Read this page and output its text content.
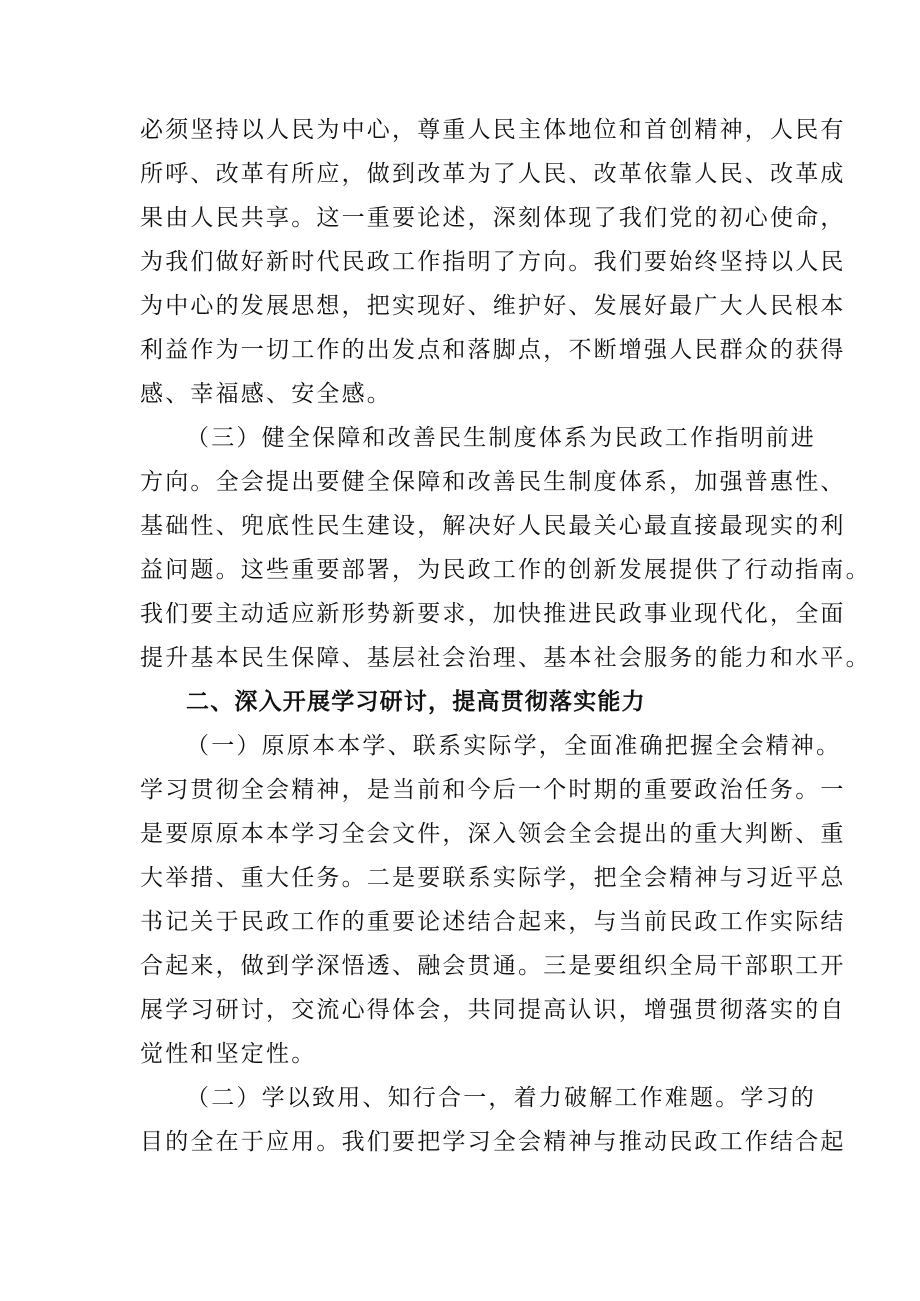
必须坚持以人民为中心，尊重人民主体地位和首创精神，人民有
所呼、改革有所应，做到改革为了人民、改革依靠人民、改革成
果由人民共享。这一重要论述，深刻体现了我们党的初心使命，
为我们做好新时代民政工作指明了方向。我们要始终坚持以人民
为中心的发展思想，把实现好、维护好、发展好最广大人民根本
利益作为一切工作的出发点和落脚点，不断增强人民群众的获得
感、幸福感、安全感。
（三）健全保障和改善民生制度体系为民政工作指明前进
方向。全会提出要健全保障和改善民生制度体系，加强普惠性、
基础性、兜底性民生建设，解决好人民最关心最直接最现实的利
益问题。这些重要部署，为民政工作的创新发展提供了行动指南。
我们要主动适应新形势新要求，加快推进民政事业现代化，全面
提升基本民生保障、基层社会治理、基本社会服务的能力和水平。
二、深入开展学习研讨，提高贯彻落实能力
（一）原原本本学、联系实际学，全面准确把握全会精神。
学习贯彻全会精神，是当前和今后一个时期的重要政治任务。一
是要原原本本学习全会文件，深入领会全会提出的重大判断、重
大举措、重大任务。二是要联系实际学，把全会精神与习近平总
书记关于民政工作的重要论述结合起来，与当前民政工作实际结
合起来，做到学深悟透、融会贯通。三是要组织全局干部职工开
展学习研讨，交流心得体会，共同提高认识，增强贯彻落实的自
觉性和坚定性。
（二）学以致用、知行合一，着力破解工作难题。学习的
目的全在于应用。我们要把学习全会精神与推动民政工作结合起
